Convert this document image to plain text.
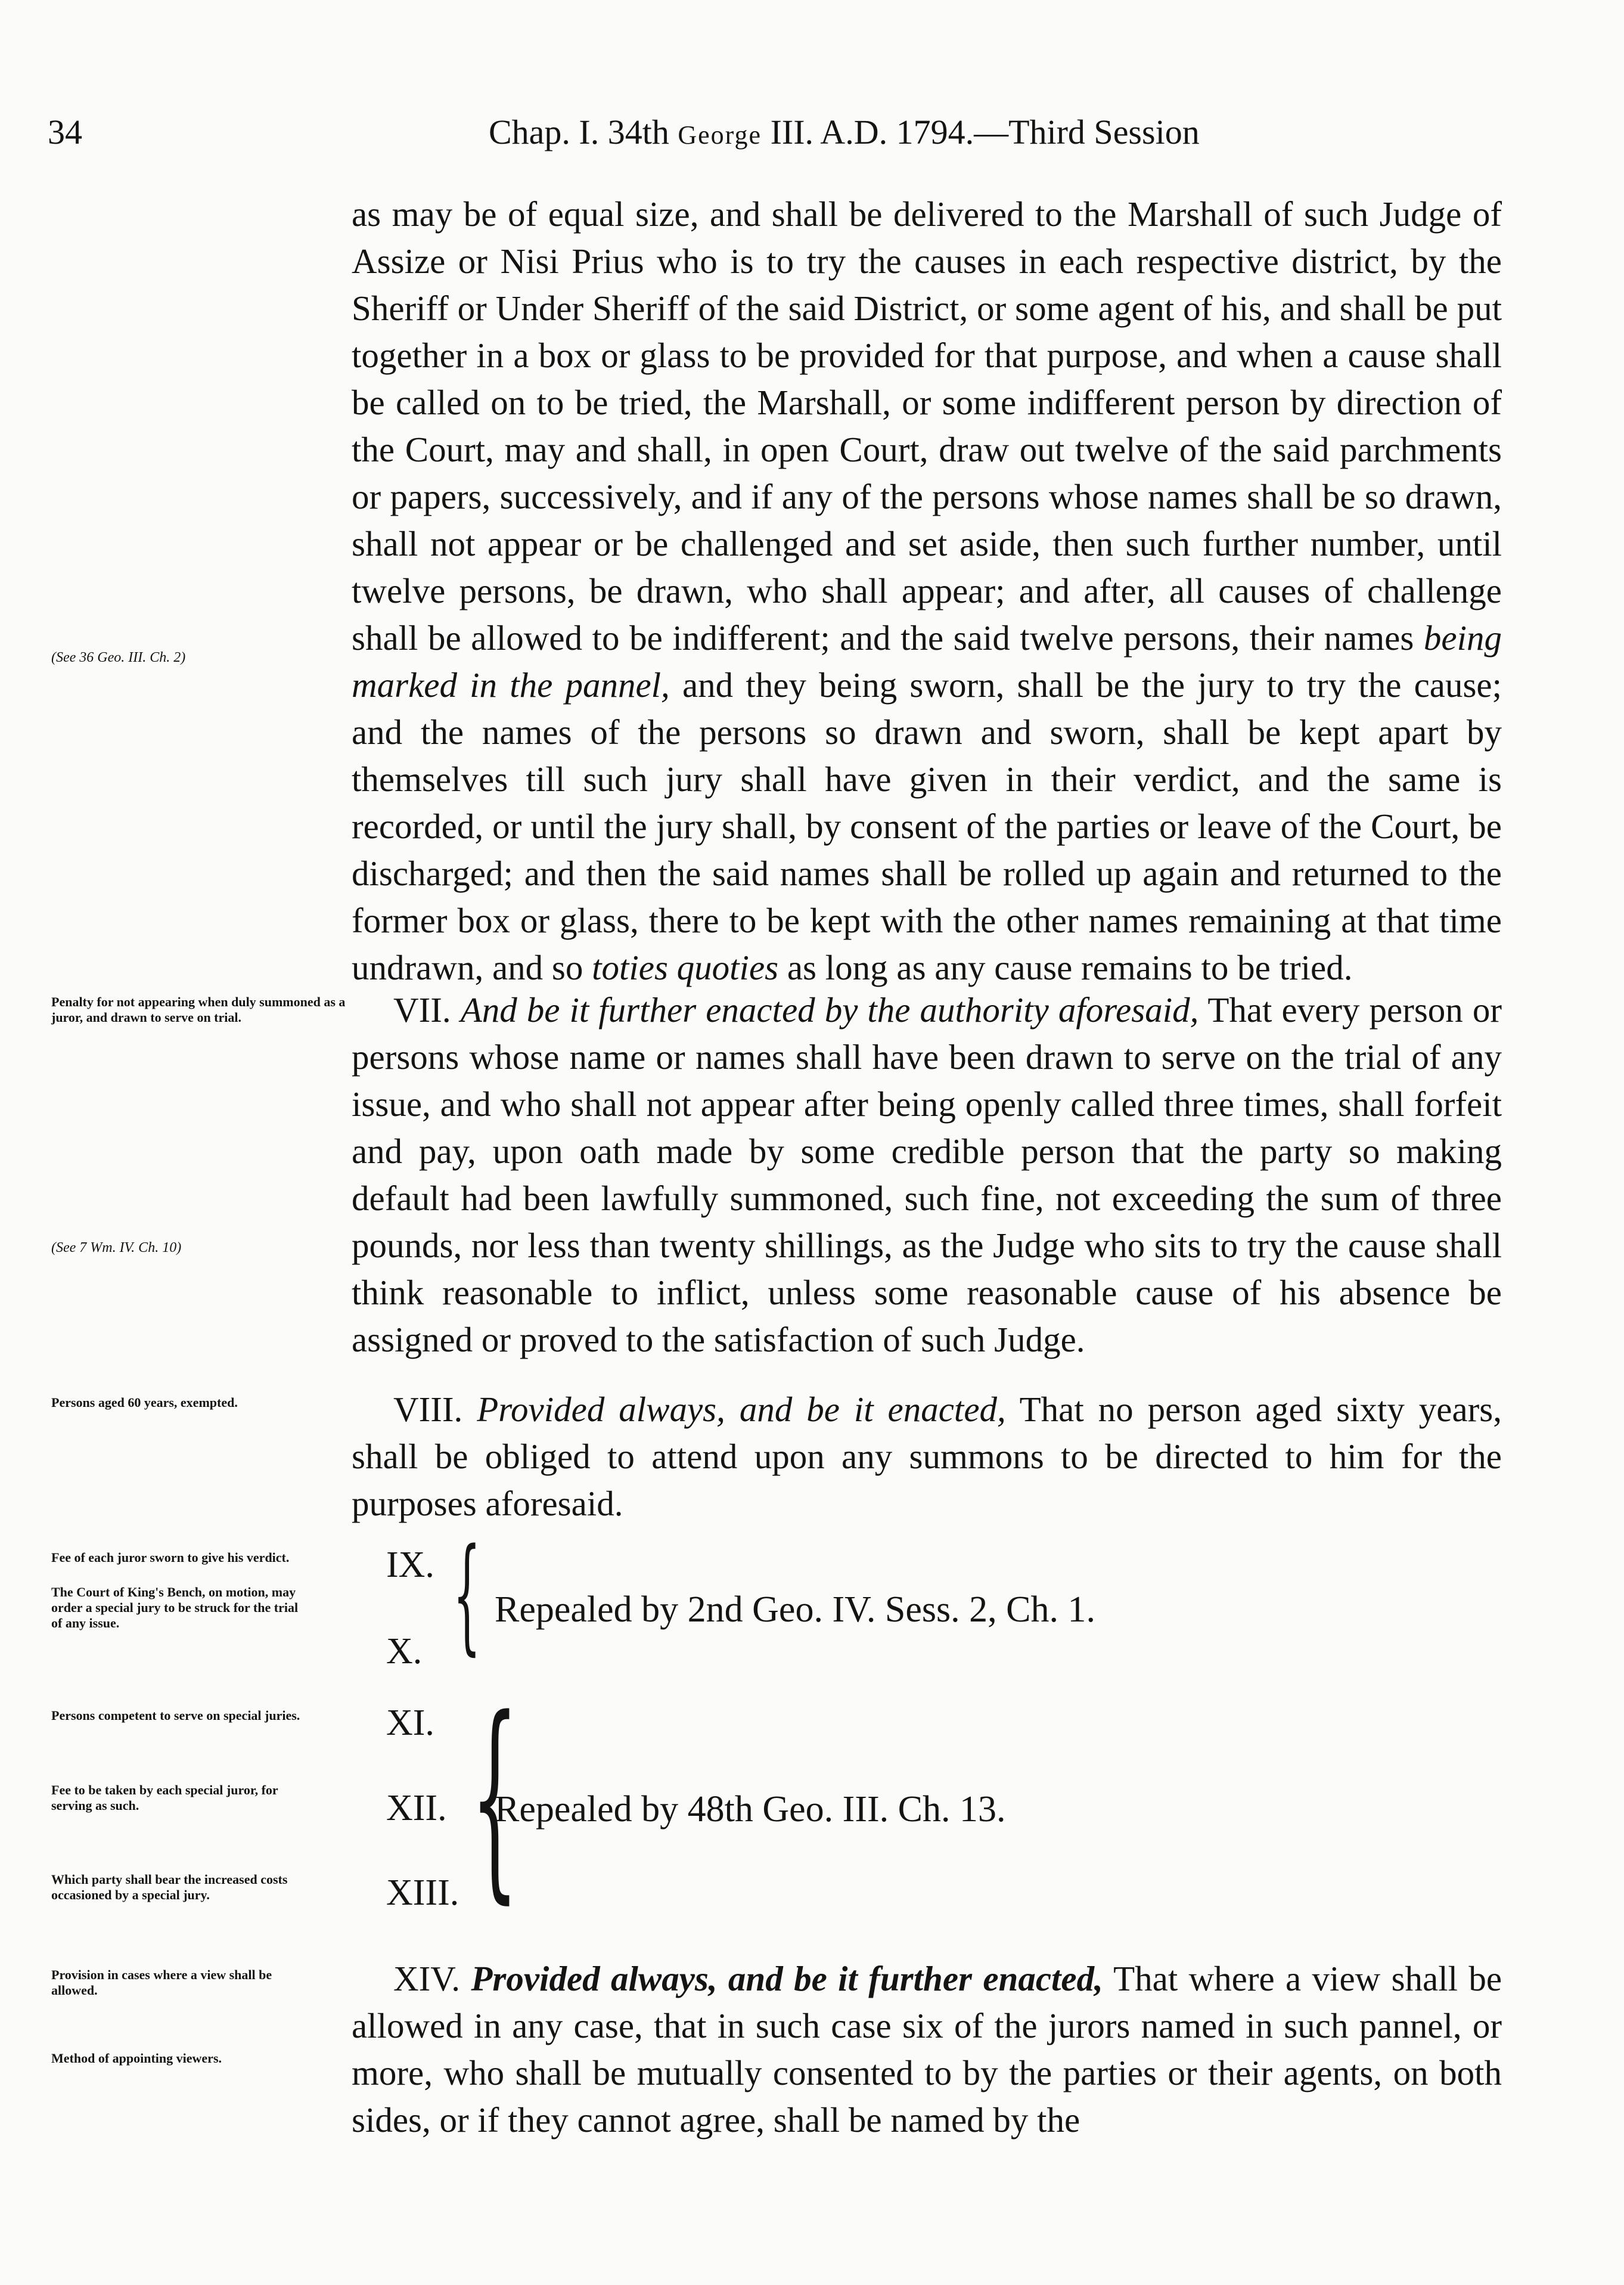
34	Chap. I. 34th George III. A.D. 1794.—Third Session

as may be of equal size, and shall be delivered to the Marshall of such Judge of Assize or Nisi Prius who is to try the causes in each respective district, by the Sheriff or Under Sheriff of the said District, or some agent of his, and shall be put together in a box or glass to be provided for that purpose, and when a cause shall be called on to be tried, the Marshall, or some indifferent person by direction of the Court, may and shall, in open Court, draw out twelve of the said parchments or papers, successively, and if any of the persons whose names shall be so drawn, shall not appear or be challenged and set aside, then such further number, until twelve persons, be drawn, who shall appear; and after, all causes of challenge shall be allowed to be indifferent; and the said twelve persons, their names being marked in the pannel, and they being sworn, shall be the jury to try the cause; and the names of the persons so drawn and sworn, shall be kept apart by themselves till such jury shall have given in their verdict, and the same is recorded, or until the jury shall, by consent of the parties or leave of the Court, be discharged; and then the said names shall be rolled up again and returned to the former box or glass, there to be kept with the other names remaining at that time undrawn, and so toties quoties as long as any cause remains to be tried.

VII. And be it further enacted by the authority aforesaid, That every person or persons whose name or names shall have been drawn to serve on the trial of any issue, and who shall not appear after being openly called three times, shall forfeit and pay, upon oath made by some credible person that the party so making default had been lawfully summoned, such fine, not exceeding the sum of three pounds, nor less than twenty shillings, as the Judge who sits to try the cause shall think reasonable to inflict, unless some reasonable cause of his absence be assigned or proved to the satisfaction of such Judge.

VIII. Provided always, and be it enacted, That no person aged sixty years, shall be obliged to attend upon any summons to be directed to him for the purposes aforesaid.

IX.
X. { Repealed by 2nd Geo. IV. Sess. 2, Ch. 1.
XI.
XII.
XIII. {
Repealed by 48th Geo. III. Ch. 13.

XIV. Provided always, and be it further enacted, That where a view shall be allowed in any case, that in such case six of the jurors named in such pannel, or more, who shall be mutually consented to by the parties or their agents, on both sides, or if they cannot agree, shall be named by the

(See 36 Geo. III. Ch. 2)
Penalty for not appearing when duly summoned as a juror, and drawn to serve on trial.
(See 7 Wm. IV. Ch. 10)
Persons aged 60 years, exempted.
Fee of each juror sworn to give his verdict.
The Court of King's Bench, on motion, may order a special jury to be struck for the trial of any issue.
Persons competent to serve on special juries.
Fee to be taken by each special juror, for serving as such.
Which party shall bear the increased costs occasioned by a special jury.
Provision in cases where a view shall be allowed.
Method of appointing viewers.
